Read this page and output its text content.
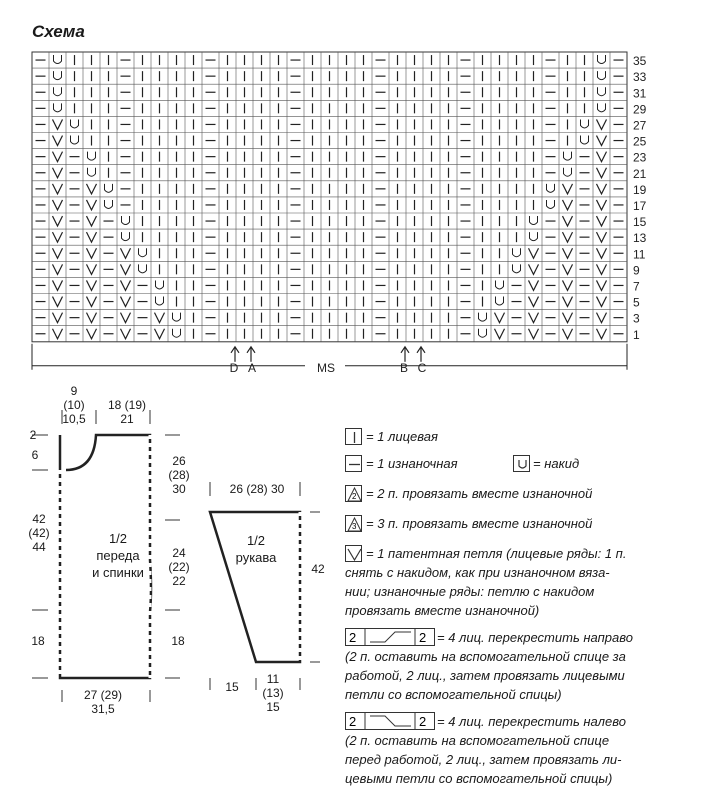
Схема
35
33
31
29
27
25
23
21
19
17
15
13
11
9
7
5
3
1
D A	B C
MS
1/2
переда
и спинки
1/2
рукава
9
(10)
10,5
18 (19)
21
2
6
42
(42)
44
18
26
(28)
30
24
(22)
22
18
27 (29)
31,5
26 (28) 30
42
15
11
(13)
15
= 1 лицевая
= 1 изнаночная	= накид
2 = 2 п. провязать вместе изнаночной
3 = 3 п. провязать вместе изнаночной
= 1 патентная петля (лицевые ряды: 1 п.
снять с накидом, как при изнаночном вяза-
нии; изнаночные ряды: петлю с накидом
провязать вместе изнаночной)
2	2 = 4 лиц. перекрестить направо
(2 п. оставить на вспомогательной спице за
работой, 2 лиц., затем провязать лицевыми
петли со вспомогательной спицы)
2	2 = 4 лиц. перекрестить налево
(2 п. оставить на вспомогательной спице
перед работой, 2 лиц., затем провязать ли-
цевыми петли со вспомогательной спицы)
